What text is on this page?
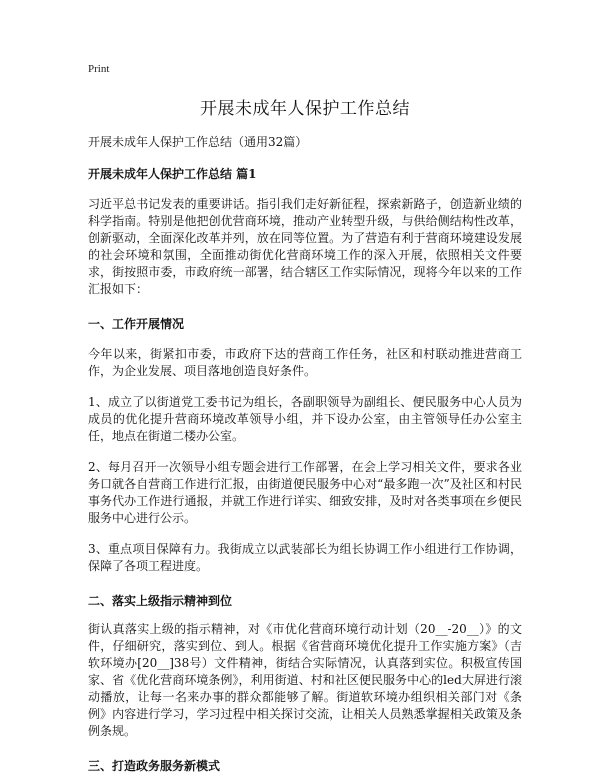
Print

开展未成年人保护工作总结

开展未成年人保护工作总结（通用32篇）

开展未成年人保护工作总结 篇1

习近平总书记发表的重要讲话。指引我们走好新征程，探索新路子，创造新业绩的科学指南。特别是他把创优营商环境，推动产业转型升级，与供给侧结构性改革，创新驱动，全面深化改革并列，放在同等位置。为了营造有利于营商环境建设发展的社会环境和氛围，全面推动街优化营商环境工作的深入开展，依照相关文件要求，街按照市委，市政府统一部署，结合辖区工作实际情况，现将今年以来的工作汇报如下：

一、工作开展情况

今年以来，街紧扣市委，市政府下达的营商工作任务，社区和村联动推进营商工作，为企业发展、项目落地创造良好条件。

1、成立了以街道党工委书记为组长，各副职领导为副组长、便民服务中心人员为成员的优化提升营商环境改革领导小组，并下设办公室，由主管领导任办公室主任，地点在街道二楼办公室。

2、每月召开一次领导小组专题会进行工作部署，在会上学习相关文件，要求各业务口就各自营商工作进行汇报，由街道便民服务中心对“最多跑一次”及社区和村民事务代办工作进行通报，并就工作进行详实、细致安排，及时对各类事项在乡便民服务中心进行公示。

3、重点项目保障有力。我街成立以武装部长为组长协调工作小组进行工作协调，保障了各项工程进度。

二、落实上级指示精神到位

街认真落实上级的指示精神，对《市优化营商环境行动计划（20__-20__）》的文件，仔细研究，落实到位、到人。根据《省营商环境优化提升工作实施方案》（吉软环境办[20__]38号）文件精神，街结合实际情况，认真落到实位。积极宣传国家、省《优化营商环境条例》，利用街道、村和社区便民服务中心的led大屏进行滚动播放，让每一名来办事的群众都能够了解。街道软环境办组织相关部门对《条例》内容进行学习，学习过程中相关探讨交流，让相关人员熟悉掌握相关政策及条例条规。

三、打造政务服务新模式
